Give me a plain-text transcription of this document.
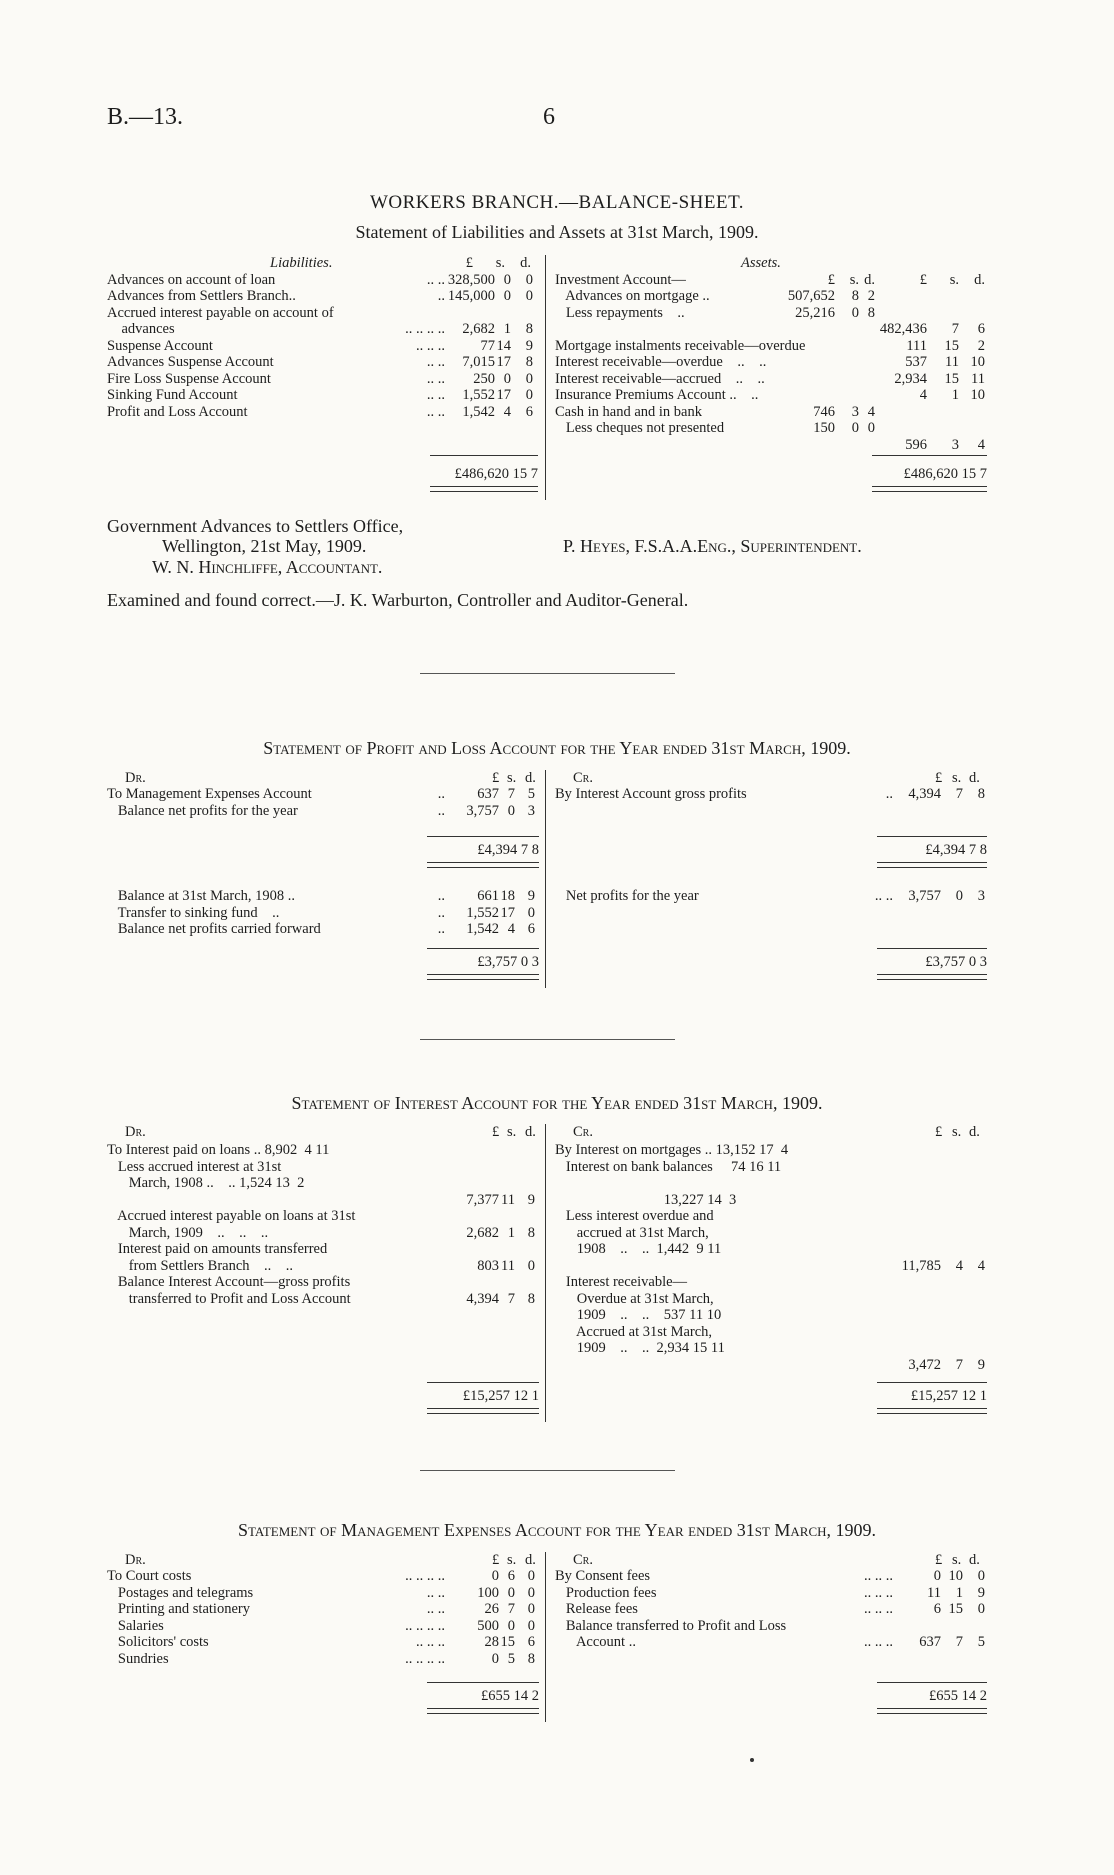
B.—13.	6
WORKERS BRANCH.—BALANCE-SHEET.
Statement of Liabilities and Assets at 31st March, 1909.
Liabilities.	£ s. d.
Advances on account of loan	.. .. 328,500 0 0
Advances from Settlers Branch..	.. 145,000 0 0
Accrued interest payable on account of
advances	.. .. .. .. 2,682 1 8
Suspense Account	.. .. .. 77 14 9
Advances Suspense Account	.. .. 7,015 17 8
Fire Loss Suspense Account	.. .. 250 0 0
Sinking Fund Account	.. .. 1,552 17 0
Profit and Loss Account	.. .. 1,542 4 6
Assets.
Investment Account—	£ s. d.	£ s. d.
Advances on mortgage ..	507,652 8 2
Less repayments    ..	25,216 0 8
482,436 7 6
Mortgage instalments receivable—overdue	111 15 2
Interest receivable—overdue    ..    ..	537 11 10
Interest receivable—accrued    ..    ..	2,934 15 11
Insurance Premiums Account ..    ..	4 1 10
Cash in hand and in bank	746 3 4
Less cheques not presented	150 0 0
596 3 4
£486,620 15 7	£486,620 15 7
Government Advances to Settlers Office,
Wellington, 21st May, 1909.
W. N. Hinchliffe, Accountant.
P. Heyes, F.S.A.A.Eng., Superintendent.
Examined and found correct.—J. K. Warburton, Controller and Auditor-General.
Statement of Profit and Loss Account for the Year ended 31st March, 1909.
Dr.	Cr.
£ s. d.	£ s. d.
To Management Expenses Account	.. 637 7 5
Balance net profits for the year	.. 3,757 0 3
By Interest Account gross profits	.. 4,394 7 8
£4,394 7 8	£4,394 7 8
Balance at 31st March, 1908 ..	.. 661 18 9
Transfer to sinking fund    ..	.. 1,552 17 0
Balance net profits carried forward	.. 1,542 4 6
Net profits for the year	.. .. 3,757 0 3
£3,757 0 3	£3,757 0 3
Statement of Interest Account for the Year ended 31st March, 1909.
Dr.	Cr.
£ s. d.	£ s. d.
To Interest paid on loans .. 8,902  4 11
Less accrued interest at 31st
March, 1908 ..    .. 1,524 13  2
7,377 11 9
Accrued interest payable on loans at 31st
March, 1909    ..    ..    ..	2,682 1 8
Interest paid on amounts transferred
from Settlers Branch    ..    ..	803 11 0
Balance Interest Account—gross profits
transferred to Profit and Loss Account	4,394 7 8
By Interest on mortgages .. 13,152 17  4
Interest on bank balances     74 16 11
13,227 14  3
Less interest overdue and
accrued at 31st March,
1908    ..    ..  1,442  9 11
11,785 4 4
Interest receivable—
Overdue at 31st March,
1909    ..    ..    537 11 10
Accrued at 31st March,
1909    ..    ..  2,934 15 11
3,472 7 9
£15,257 12 1	£15,257 12 1
Statement of Management Expenses Account for the Year ended 31st March, 1909.
Dr.	Cr.
£ s. d.	£ s. d.
To Court costs	.. .. .. ..	0 6 0
Postages and telegrams	.. .. 100 0 0
Printing and stationery	.. ..	26 7 0
Salaries	.. .. .. .. 500 0 0
Solicitors' costs	.. .. ..	28 15 6
Sundries	.. .. .. ..	0 5 8
By Consent fees	.. .. ..	0 10 0
Production fees	.. .. .. 11 1 9
Release fees	.. .. ..	6 15 0
Balance transferred to Profit and Loss
Account ..	.. .. .. 637 7 5
£655 14 2	£655 14 2
